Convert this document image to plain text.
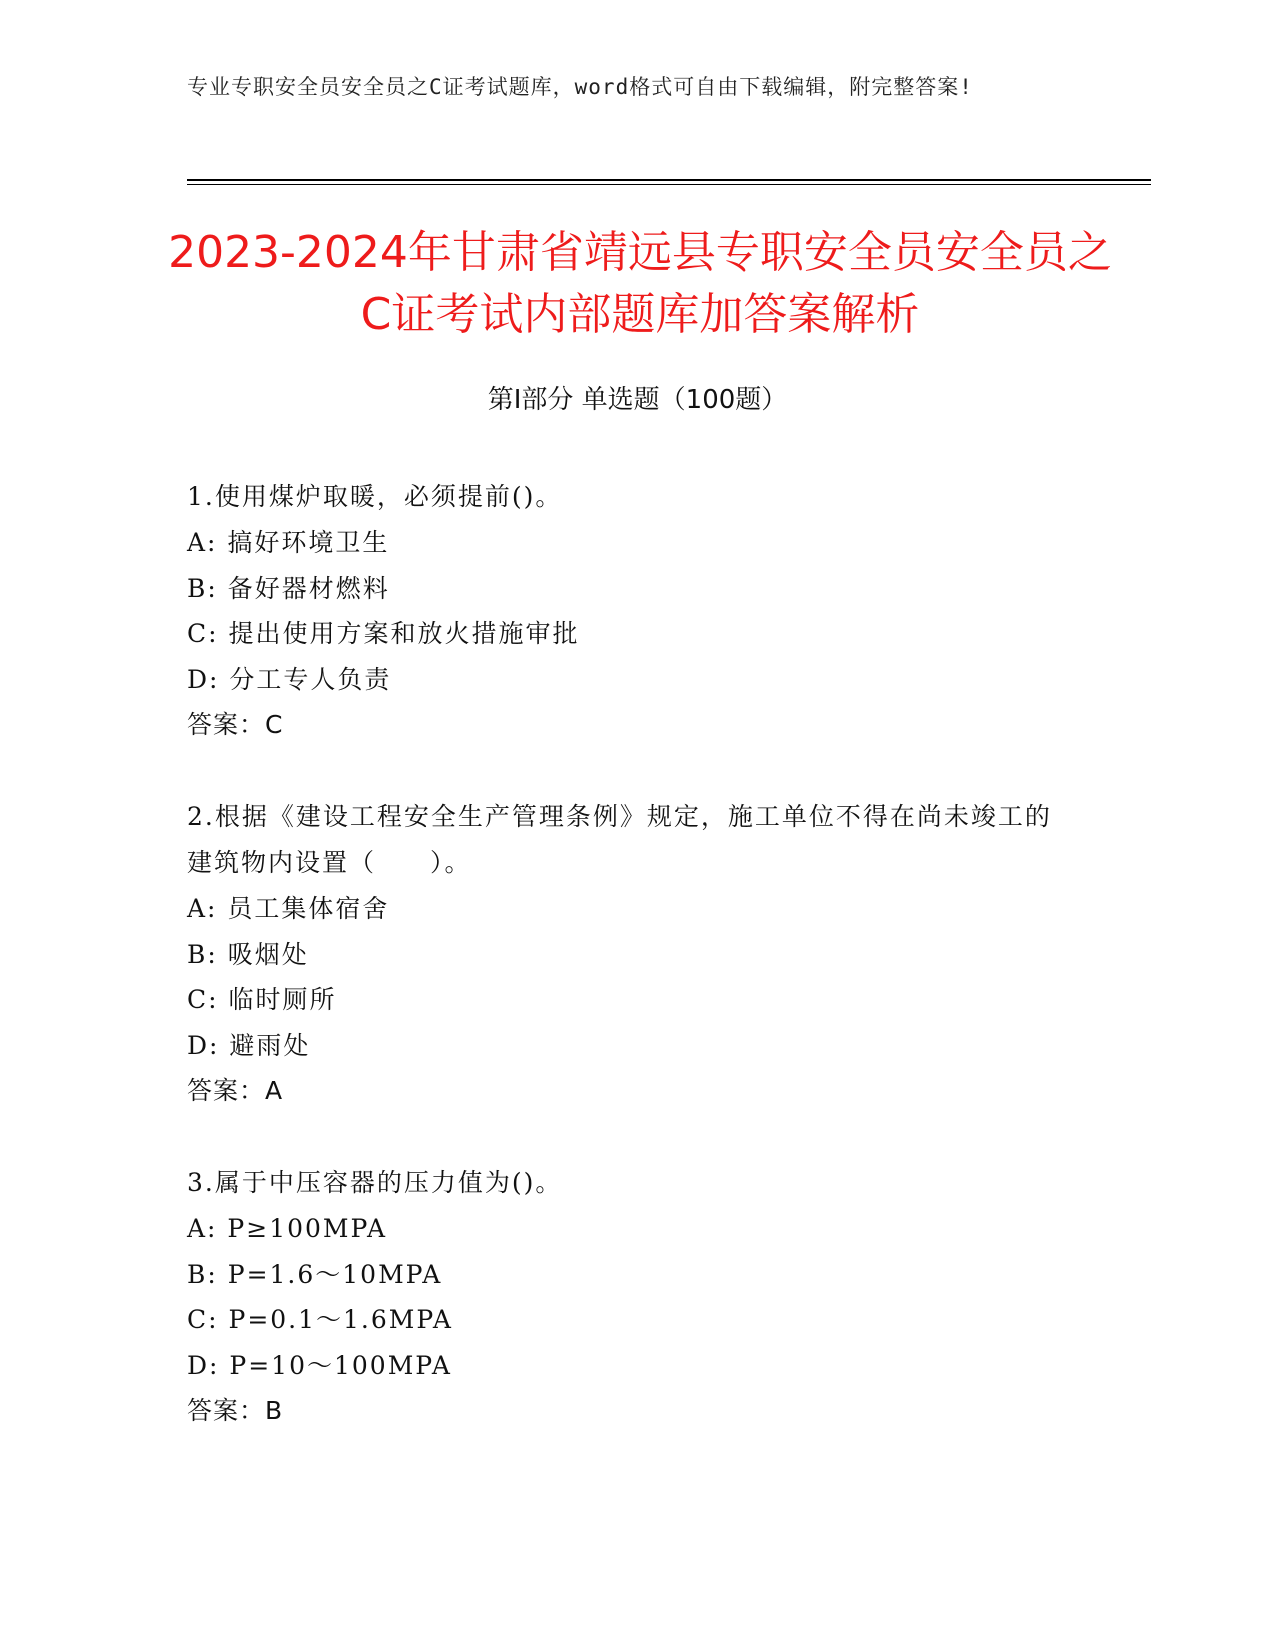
专业专职安全员安全员之C证考试题库，word格式可自由下载编辑，附完整答案!
2023-2024年甘肃省靖远县专职安全员安全员之C证考试内部题库加答案解析
第I部分 单选题（100题）

1.使用煤炉取暖，必须提前()。

A: 搞好环境卫生

B: 备好器材燃料

C: 提出使用方案和放火措施审批

D: 分工专人负责

答案：C

2.根据《建设工程安全生产管理条例》规定，施工单位不得在尚未竣工的建筑物内设置（　　）。

A: 员工集体宿舍

B: 吸烟处

C: 临时厕所

D: 避雨处

答案：A

3.属于中压容器的压力值为()。

A: P≥100MPA

B: P=1.6～10MPA

C: P=0.1～1.6MPA

D: P=10～100MPA

答案：B
